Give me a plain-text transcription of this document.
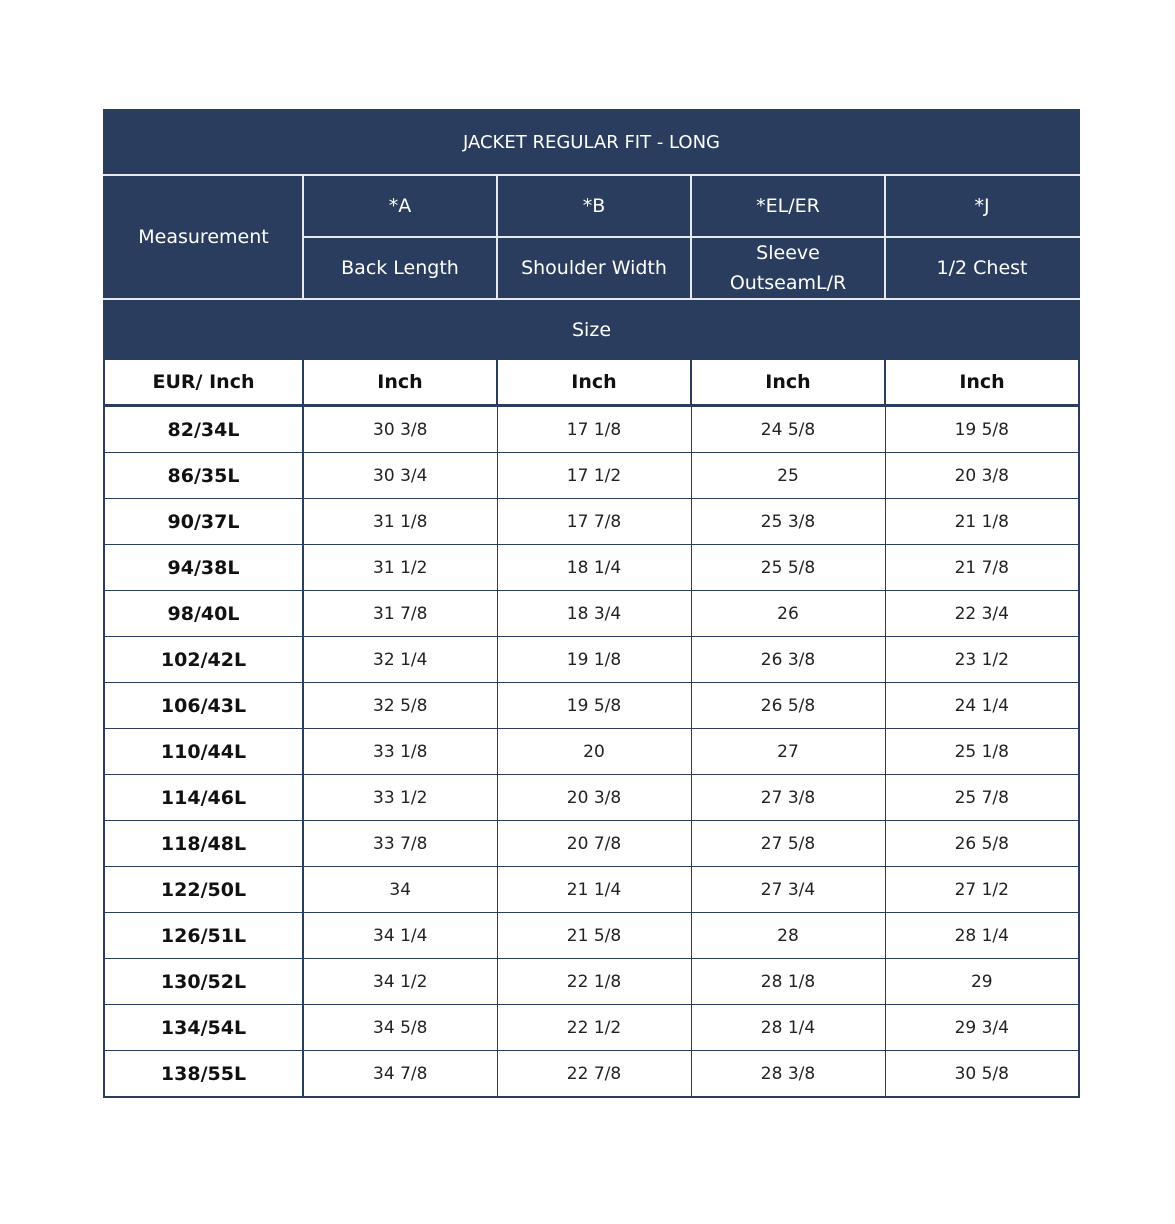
JACKET REGULAR FIT - LONG				
Measurement	*A	*B	*EL/ER	*J
	Back Length	Shoulder Width	Sleeve OutseamL/R	1/2 Chest
Size				
EUR/ Inch	Inch	Inch	Inch	Inch
82/34L	30 3/8	17 1/8	24 5/8	19 5/8
86/35L	30 3/4	17 1/2	25	20 3/8
90/37L	31 1/8	17 7/8	25 3/8	21 1/8
94/38L	31 1/2	18 1/4	25 5/8	21 7/8
98/40L	31 7/8	18 3/4	26	22 3/4
102/42L	32 1/4	19 1/8	26 3/8	23 1/2
106/43L	32 5/8	19 5/8	26 5/8	24 1/4
110/44L	33 1/8	20	27	25 1/8
114/46L	33 1/2	20 3/8	27 3/8	25 7/8
118/48L	33 7/8	20 7/8	27 5/8	26 5/8
122/50L	34	21 1/4	27 3/4	27 1/2
126/51L	34 1/4	21 5/8	28	28 1/4
130/52L	34 1/2	22 1/8	28 1/8	29
134/54L	34 5/8	22 1/2	28 1/4	29 3/4
138/55L	34 7/8	22 7/8	28 3/8	30 5/8
